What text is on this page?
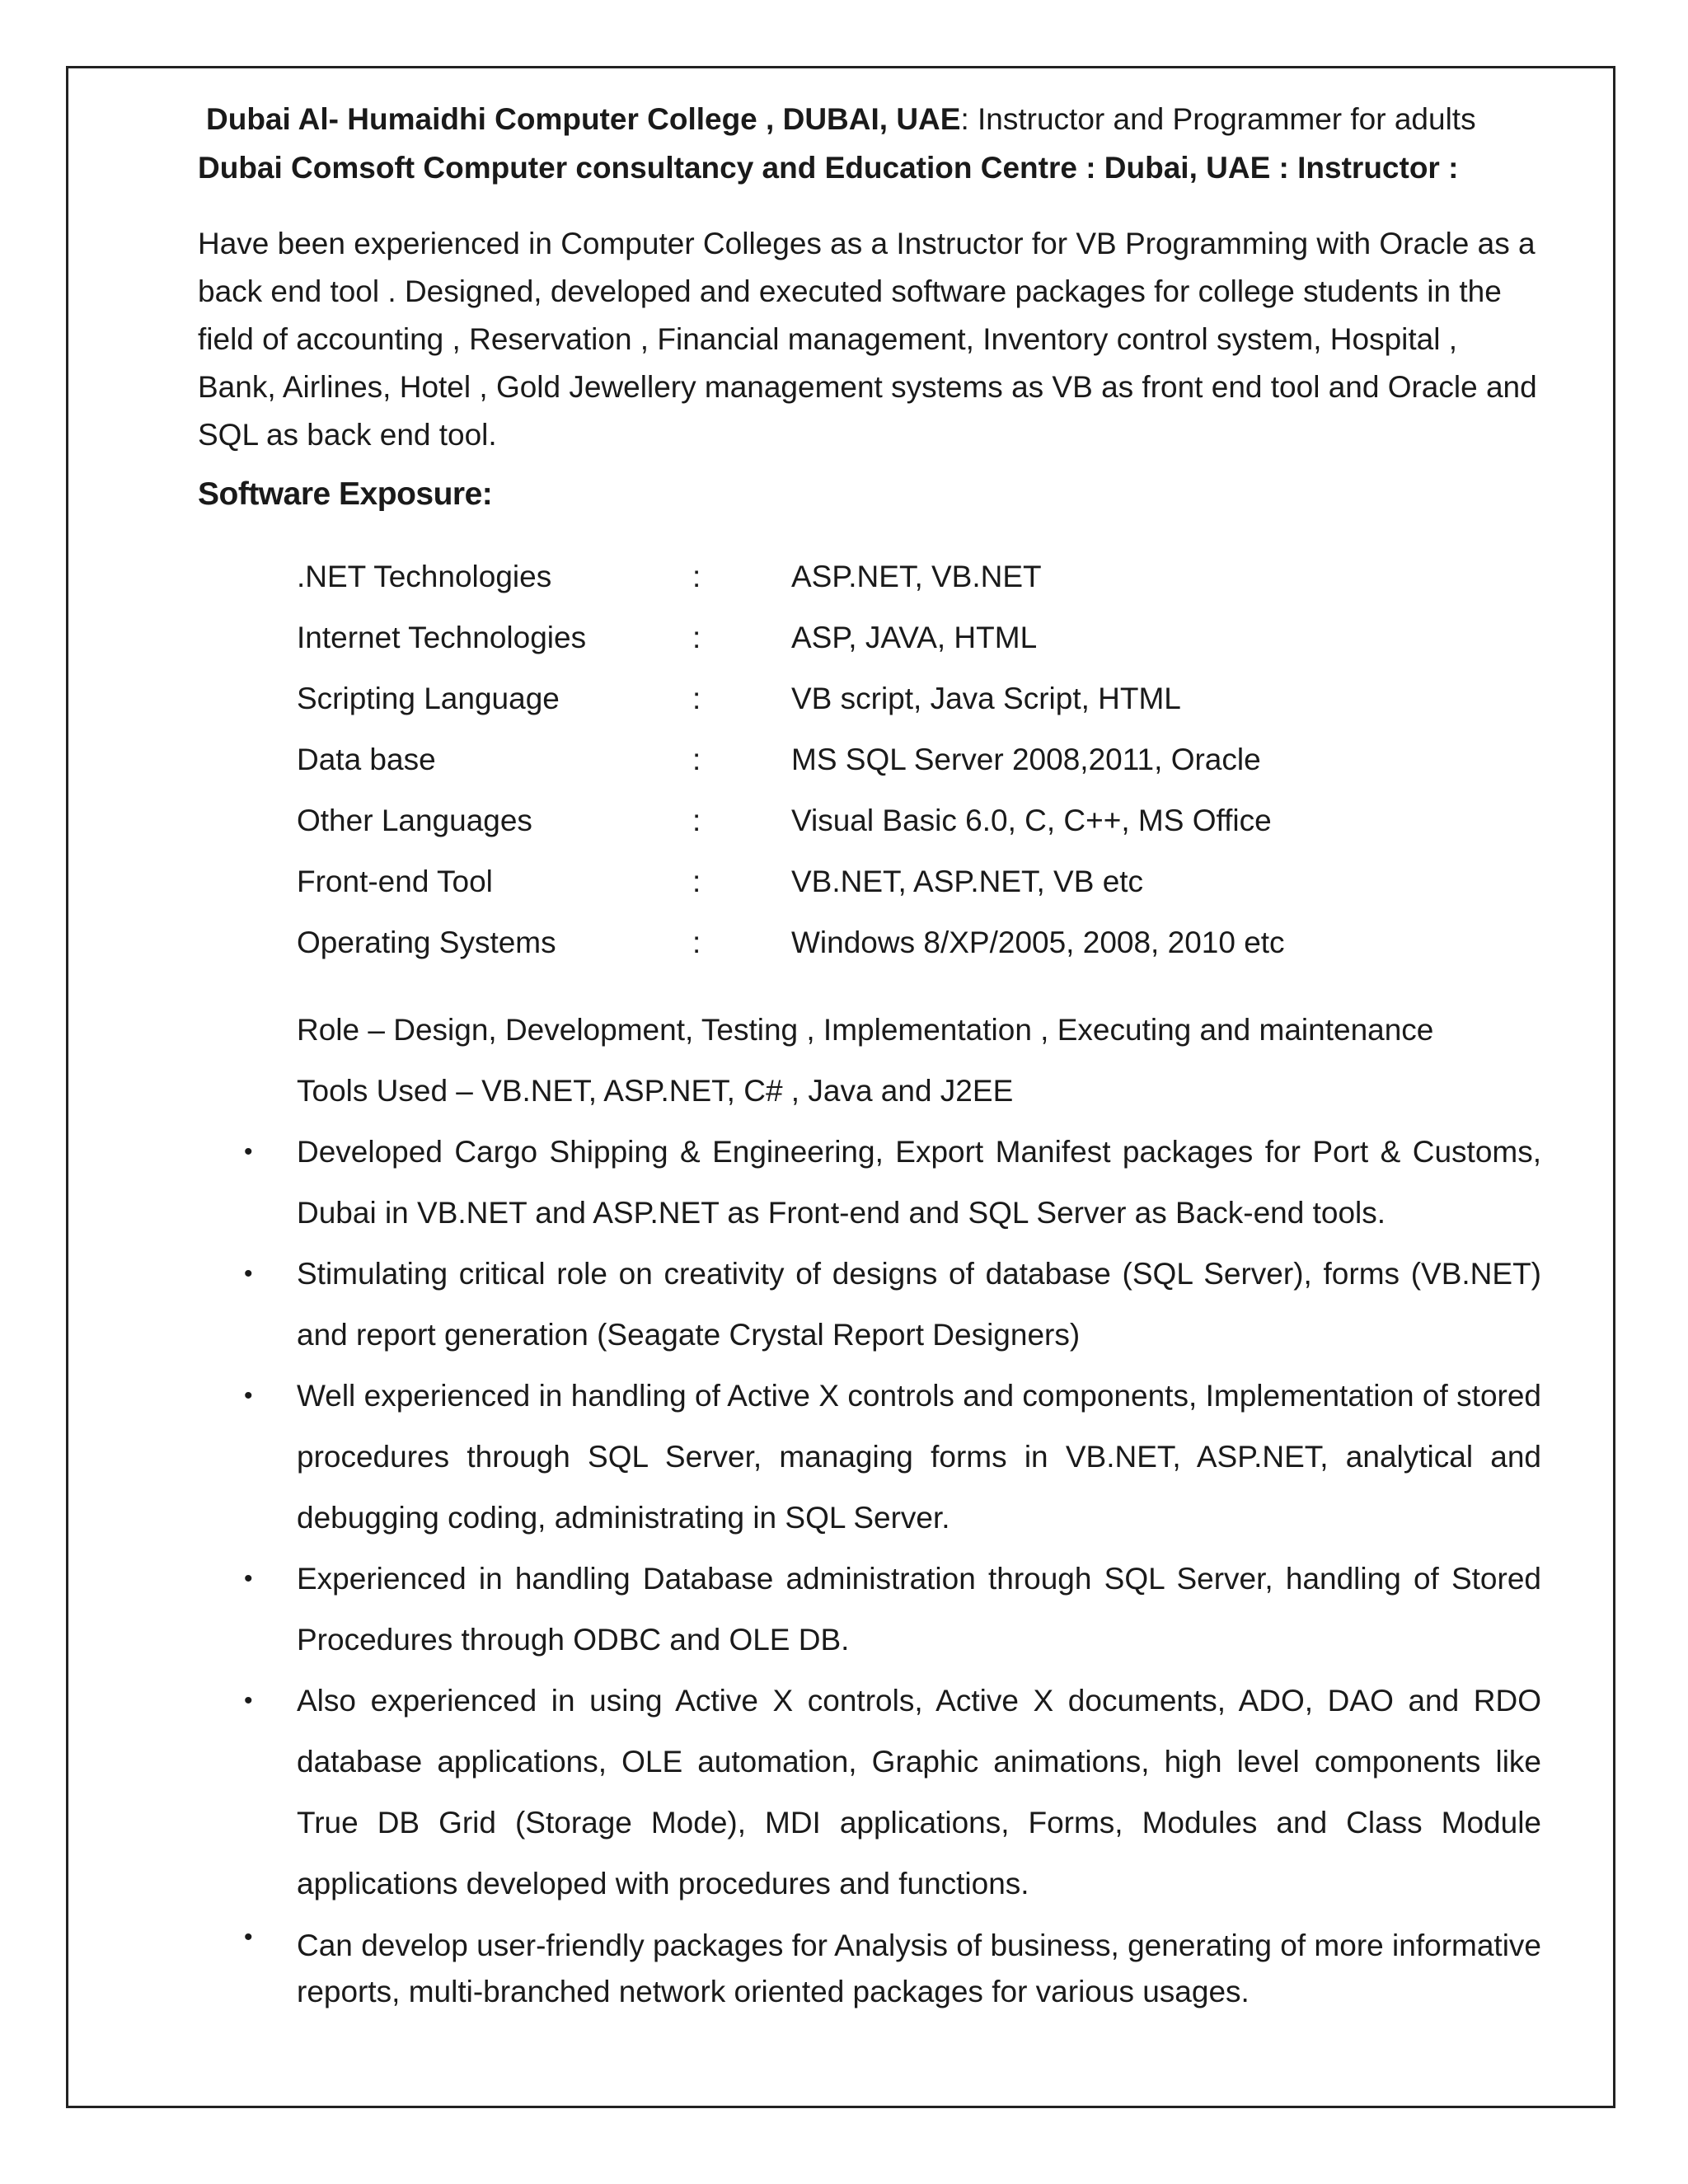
Dubai Al- Humaidhi Computer College , DUBAI, UAE: Instructor and Programmer for adults
Dubai Comsoft Computer consultancy and Education Centre : Dubai, UAE : Instructor :
Have been experienced in Computer Colleges as a Instructor for VB Programming with Oracle as a back end tool . Designed, developed and executed software packages for college students in the field of accounting , Reservation , Financial management, Inventory control system, Hospital , Bank, Airlines, Hotel , Gold Jewellery management systems as VB as front end tool and Oracle and SQL as back end tool.
Software Exposure:
.NET Technologies	:	ASP.NET, VB.NET
Internet Technologies	:	ASP, JAVA, HTML
Scripting Language	:	VB script, Java Script, HTML
Data base	:	MS SQL Server 2008,2011, Oracle
Other Languages	:	Visual Basic 6.0, C, C++, MS Office
Front-end Tool	:	VB.NET, ASP.NET, VB etc
Operating Systems	:	Windows 8/XP/2005, 2008, 2010 etc
Role – Design, Development, Testing , Implementation , Executing and maintenance
Tools Used – VB.NET, ASP.NET, C# , Java and J2EE
• Developed Cargo Shipping & Engineering, Export Manifest packages for Port & Customs, Dubai in VB.NET and ASP.NET as Front-end and SQL Server as Back-end tools.
• Stimulating critical role on creativity of designs of database (SQL Server), forms (VB.NET) and report generation (Seagate Crystal Report Designers)
• Well experienced in handling of Active X controls and components, Implementation of stored procedures through SQL Server, managing forms in VB.NET, ASP.NET, analytical and debugging coding, administrating in SQL Server.
• Experienced in handling Database administration through SQL Server, handling of Stored Procedures through ODBC and OLE DB.
• Also experienced in using Active X controls, Active X documents, ADO, DAO and RDO database applications, OLE automation, Graphic animations, high level components like True DB Grid (Storage Mode), MDI applications, Forms, Modules and Class Module applications developed with procedures and functions.
• Can develop user-friendly packages for Analysis of business, generating of more informative reports, multi-branched network oriented packages for various usages.
